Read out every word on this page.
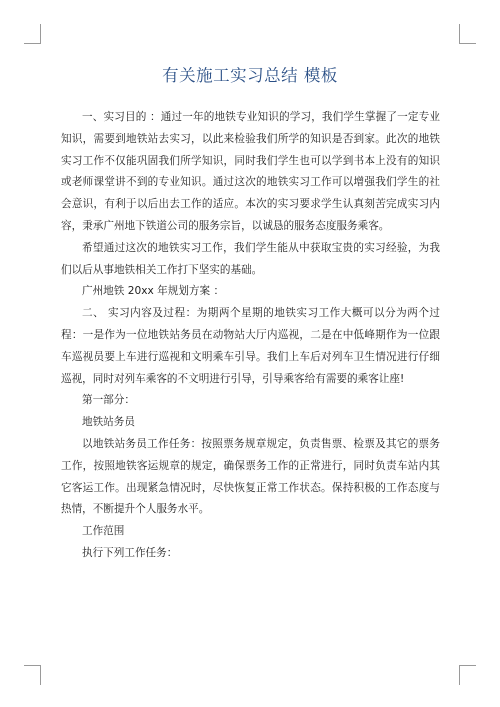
有关施工实习总结 模板

一、实习目的 ：通过一年的地铁专业知识的学习，我们学生掌握了一定专业知识，需要到地铁站去实习，以此来检验我们所学的知识是否到家。此次的地铁实习工作不仅能巩固我们所学知识，同时我们学生也可以学到书本上没有的知识或老师课堂讲不到的专业知识。通过这次的地铁实习工作可以增强我们学生的社会意识，有利于以后出去工作的适应。本次的实习要求学生认真刻苦完成实习内容，秉承广州地下铁道公司的服务宗旨，以诚恳的服务态度服务乘客。

希望通过这次的地铁实习工作，我们学生能从中获取宝贵的实习经验，为我们以后从事地铁相关工作打下坚实的基础。

广州地铁 20xx 年规划方案 ：

二、 实习内容及过程：为期两个星期的地铁实习工作大概可以分为两个过程：一是作为一位地铁站务员在动物站大厅内巡视，二是在中低峰期作为一位跟车巡视员要上车进行巡视和文明乘车引导。我们上车后对列车卫生情况进行仔细巡视，同时对列车乘客的不文明进行引导，引导乘客给有需要的乘客让座!

第一部分：

地铁站务员

以地铁站务员工作任务：按照票务规章规定，负责售票、检票及其它的票务工作，按照地铁客运规章的规定，确保票务工作的正常进行，同时负责车站内其它客运工作。出现紧急情况时，尽快恢复正常工作状态。保持积极的工作态度与热情，不断提升个人服务水平。

工作范围

执行下列工作任务：
